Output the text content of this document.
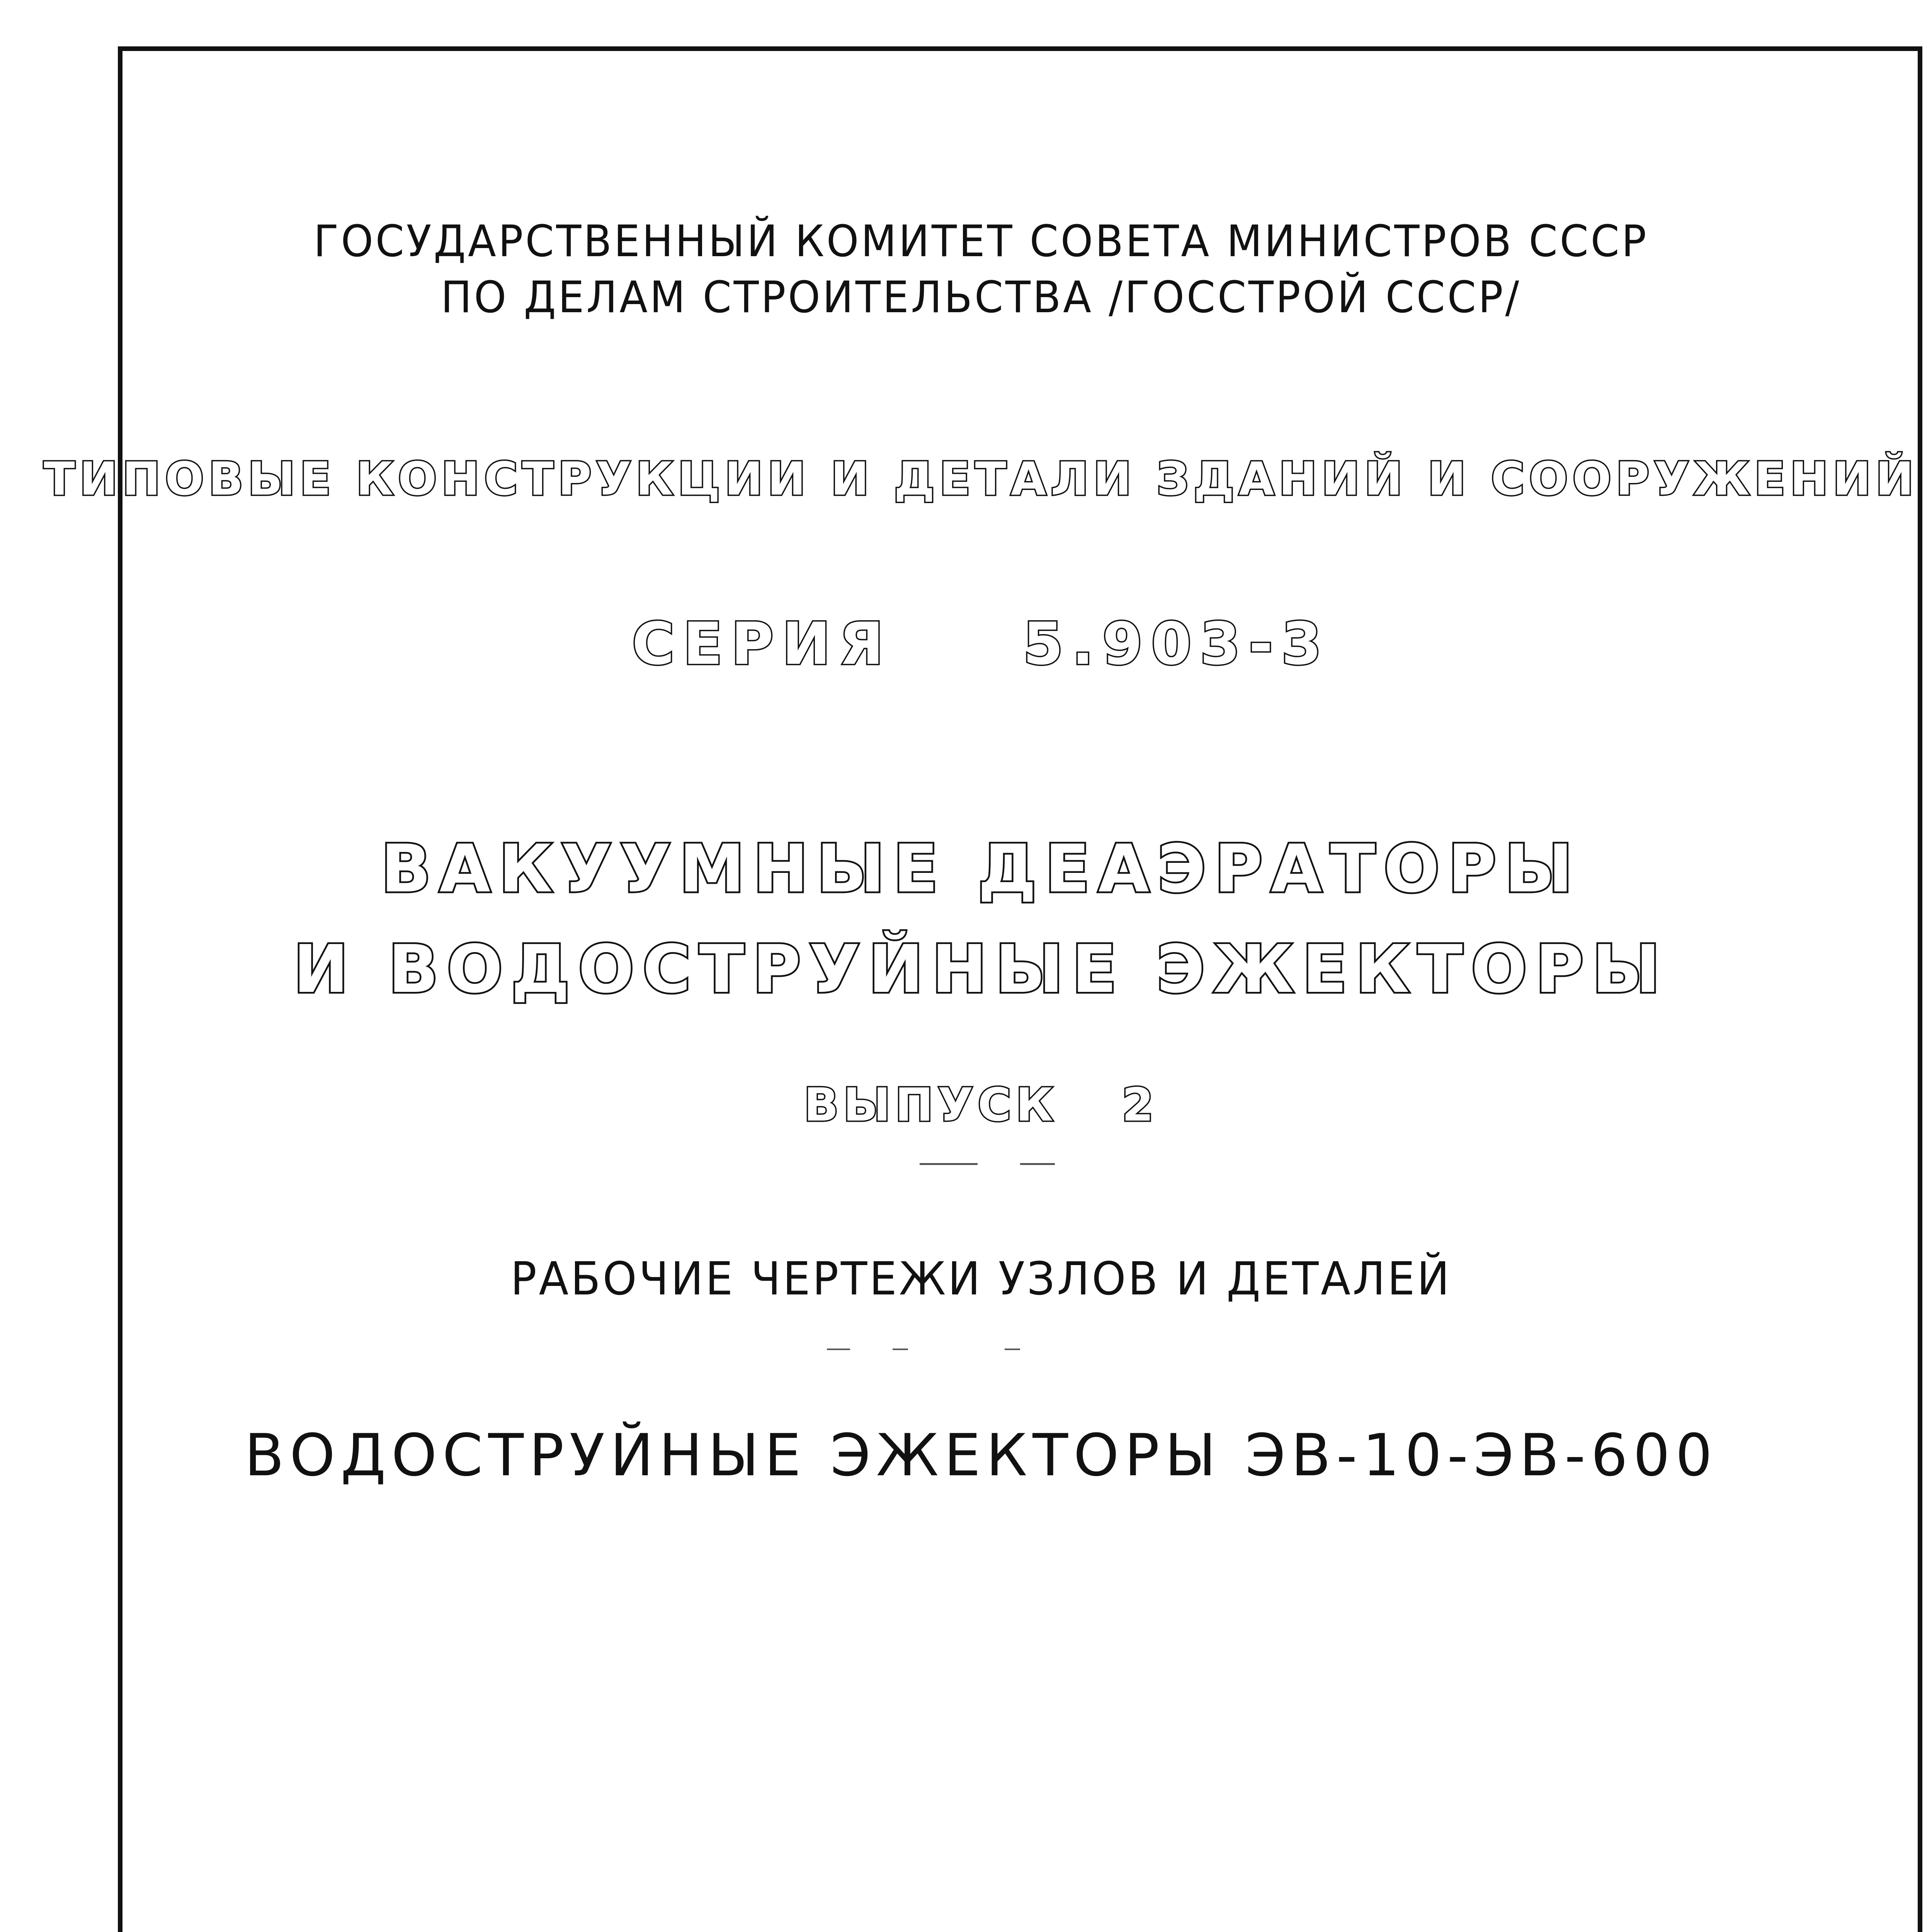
ГОСУДАРСТВЕННЫЙ КОМИТЕТ СОВЕТА МИНИСТРОВ СССР
ПО ДЕЛАМ СТРОИТЕЛЬСТВА /ГОССТРОЙ СССР/
ТИПОВЫЕ КОНСТРУКЦИИ И ДЕТАЛИ ЗДАНИЙ И СООРУЖЕНИЙ
СЕРИЯ 5.903-3
ВАКУУМНЫЕ ДЕАЭРАТОРЫ
И ВОДОСТРУЙНЫЕ ЭЖЕКТОРЫ
ВЫПУСК 2
РАБОЧИЕ ЧЕРТЕЖИ УЗЛОВ И ДЕТАЛЕЙ
ВОДОСТРУЙНЫЕ ЭЖЕКТОРЫ ЭВ-10-ЭВ-600
